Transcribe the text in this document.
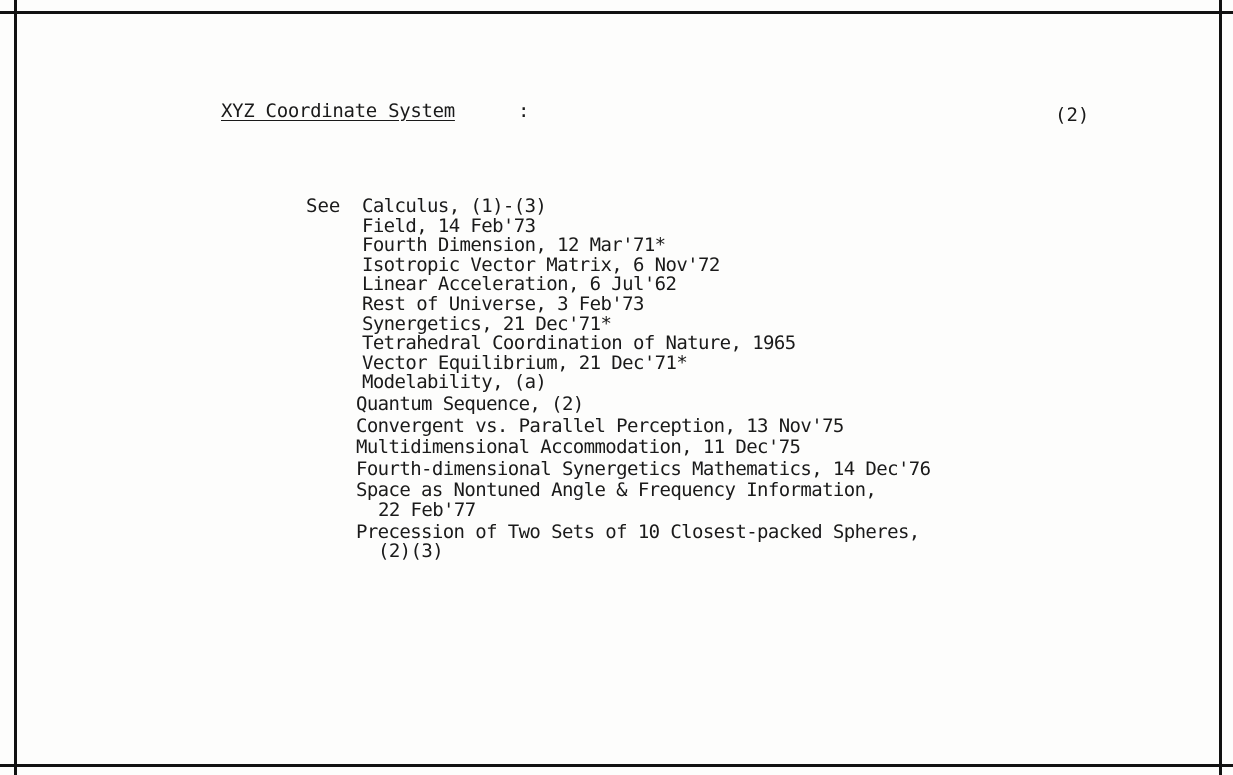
XYZ Coordinate System	:	(2)
See Calculus, (1)-(3)
Field, 14 Feb'73
Fourth Dimension, 12 Mar'71*
Isotropic Vector Matrix, 6 Nov'72
Linear Acceleration, 6 Jul'62
Rest of Universe, 3 Feb'73
Synergetics, 21 Dec'71*
Tetrahedral Coordination of Nature, 1965
Vector Equilibrium, 21 Dec'71*
Modelability, (a)
Quantum Sequence, (2)
Convergent vs. Parallel Perception, 13 Nov'75
Multidimensional Accommodation, 11 Dec'75
Fourth-dimensional Synergetics Mathematics, 14 Dec'76
Space as Nontuned Angle & Frequency Information,
22 Feb'77
Precession of Two Sets of 10 Closest-packed Spheres,
(2)(3)
